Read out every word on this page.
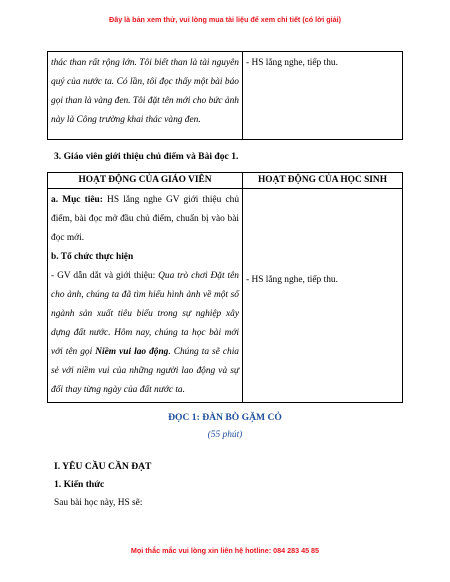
Đây là bản xem thử, vui lòng mua tài liệu để xem chi tiết (có lời giải)
thác than rất rộng lớn. Tôi biết than là tài nguyên quý của nước ta. Có lần, tôi đọc thấy một bài báo gọi than là vàng đen. Tôi đặt tên mới cho bức ảnh này là Công trường khai thác vàng đen.	- HS lắng nghe, tiếp thu.
3. Giáo viên giới thiệu chủ điểm và Bài đọc 1.
HOẠT ĐỘNG CỦA GIÁO VIÊN	HOẠT ĐỘNG CỦA HỌC SINH
a. Mục tiêu: HS lắng nghe GV giới thiệu chủ điểm, bài đọc mở đầu chủ điểm, chuẩn bị vào bài đọc mới.
b. Tổ chức thực hiện
- GV dẫn dắt và giới thiệu: Qua trò chơi Đặt tên cho ảnh, chúng ta đã tìm hiểu hình ảnh về một số ngành sản xuất tiêu biểu trong sự nghiệp xây dựng đất nước. Hôm nay, chúng ta học bài mới với tên gọi Niềm vui lao động. Chúng ta sẽ chia sẻ với niềm vui của những người lao động và sự đổi thay từng ngày của đất nước ta.	- HS lắng nghe, tiếp thu.
ĐỌC 1: ĐÀN BÒ GẶM CỎ
(55 phút)
I. YÊU CẦU CẦN ĐẠT
1. Kiến thức
Sau bài học này, HS sẽ:
Mọi thắc mắc vui lòng xin liên hệ hotline: 084 283 45 85
